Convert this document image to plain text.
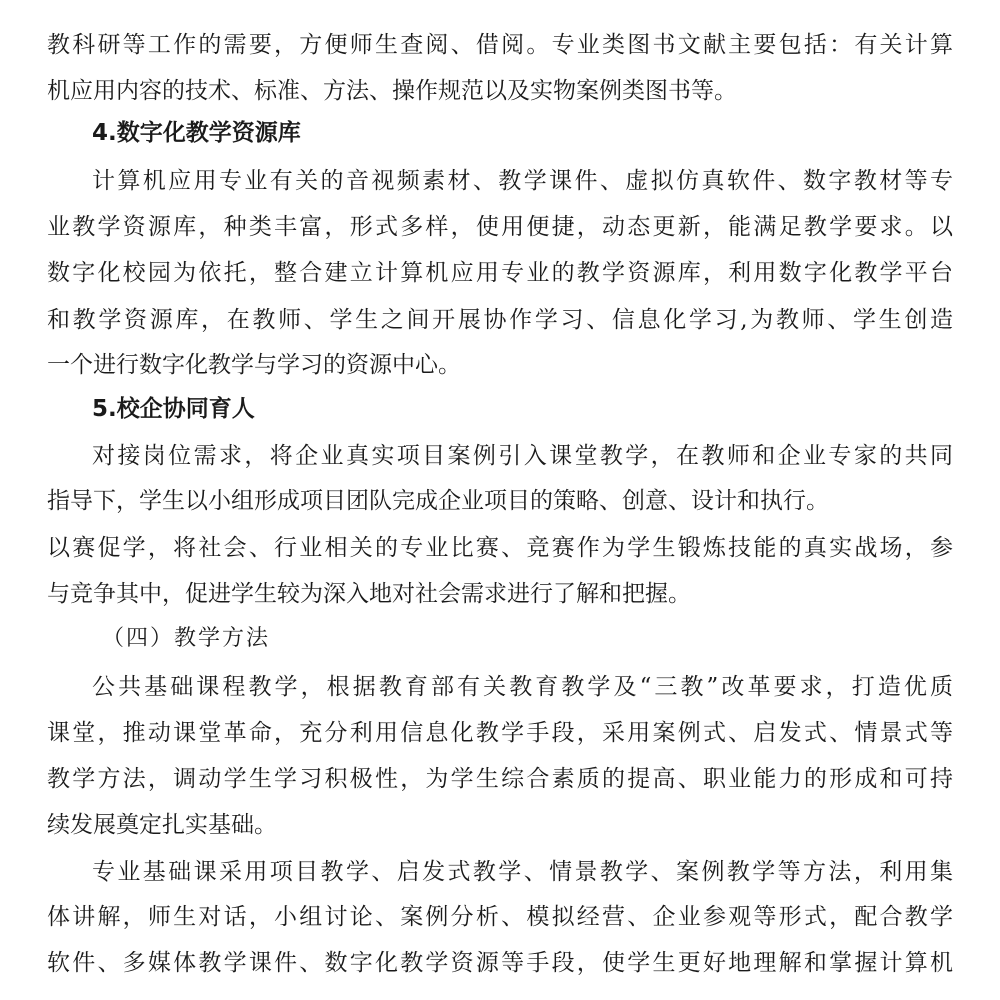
教科研等工作的需要，方便师生查阅、借阅。专业类图书文献主要包括：有关计算
机应用内容的技术、标准、方法、操作规范以及实物案例类图书等。
4.数字化教学资源库
计算机应用专业有关的音视频素材、教学课件、虚拟仿真软件、数字教材等专
业教学资源库，种类丰富，形式多样，使用便捷，动态更新，能满足教学要求。以
数字化校园为依托，整合建立计算机应用专业的教学资源库，利用数字化教学平台
和教学资源库，在教师、学生之间开展协作学习、信息化学习,为教师、学生创造
一个进行数字化教学与学习的资源中心。
5.校企协同育人
对接岗位需求，将企业真实项目案例引入课堂教学，在教师和企业专家的共同
指导下，学生以小组形成项目团队完成企业项目的策略、创意、设计和执行。
以赛促学，将社会、行业相关的专业比赛、竞赛作为学生锻炼技能的真实战场，参
与竞争其中，促进学生较为深入地对社会需求进行了解和把握。
（四）教学方法
公共基础课程教学，根据教育部有关教育教学及“三教”改革要求，打造优质
课堂，推动课堂革命，充分利用信息化教学手段，采用案例式、启发式、情景式等
教学方法，调动学生学习积极性，为学生综合素质的提高、职业能力的形成和可持
续发展奠定扎实基础。
专业基础课采用项目教学、启发式教学、情景教学、案例教学等方法，利用集
体讲解，师生对话，小组讨论、案例分析、模拟经营、企业参观等形式，配合教学
软件、多媒体教学课件、数字化教学资源等手段，使学生更好地理解和掌握计算机
